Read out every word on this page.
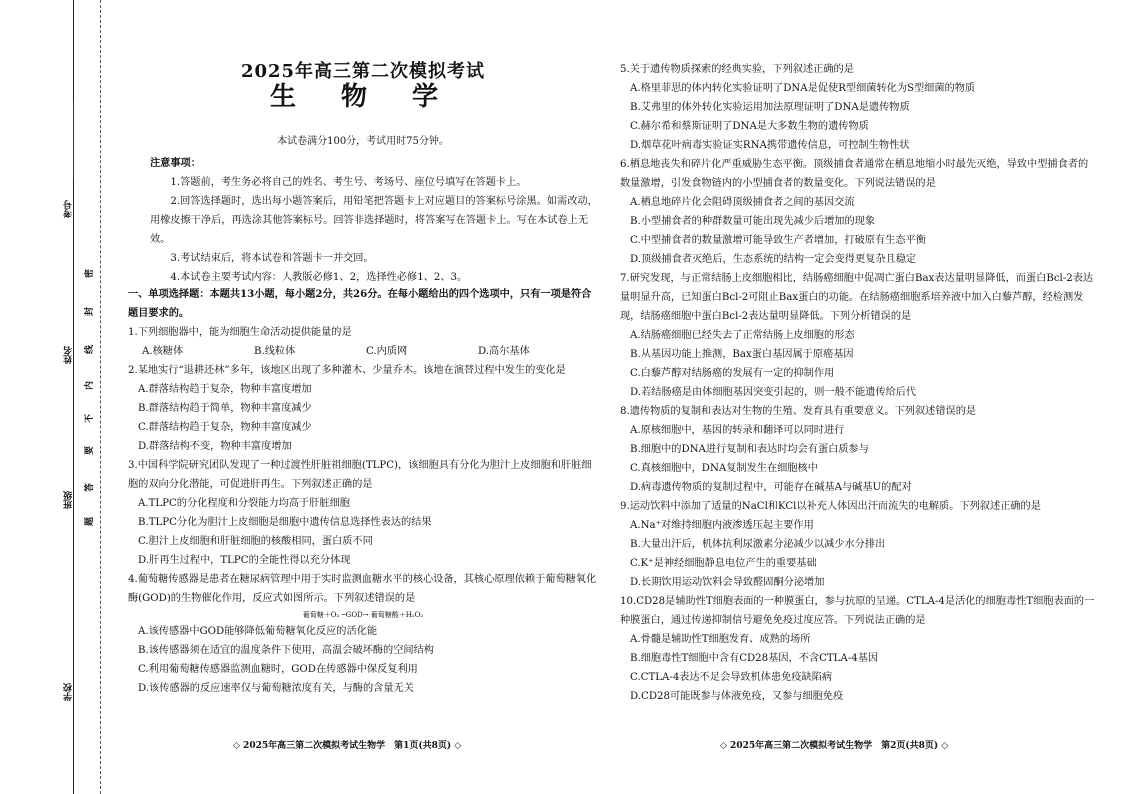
考号
姓名
班级
学校
密
封
线
内
不
要
答
题
2025年高三第二次模拟考试
生 物 学
本试卷满分100分，考试用时75分钟。

注意事项：

1.答题前，考生务必将自己的姓名、考生号、考场号、座位号填写在答题卡上。

2.回答选择题时，选出每小题答案后，用铅笔把答题卡上对应题目的答案标号涂黑。如需改动，用橡皮擦干净后，再选涂其他答案标号。回答非选择题时，将答案写在答题卡上。写在本试卷上无效。

3.考试结束后，将本试卷和答题卡一并交回。

4.本试卷主要考试内容：人教版必修1、2，选择性必修1、2、3。

一、单项选择题：本题共13小题，每小题2分，共26分。在每小题给出的四个选项中，只有一项是符合题目要求的。

1.下列细胞器中，能为细胞生命活动提供能量的是

A.核糖体	B.线粒体	C.内质网	D.高尔基体

2.某地实行“退耕还林”多年，该地区出现了多种灌木、少量乔木。该地在演替过程中发生的变化是

A.群落结构趋于复杂，物种丰富度增加

B.群落结构趋于简单，物种丰富度减少

C.群落结构趋于复杂，物种丰富度减少

D.群落结构不变，物种丰富度增加

3.中国科学院研究团队发现了一种过渡性肝脏祖细胞(TLPC)，该细胞具有分化为胆汁上皮细胞和肝脏细胞的双向分化潜能，可促进肝再生。下列叙述正确的是

A.TLPC的分化程度和分裂能力均高于肝脏细胞

B.TLPC分化为胆汁上皮细胞是细胞中遗传信息选择性表达的结果

C.胆汁上皮细胞和肝脏细胞的核酸相同，蛋白质不同

D.肝再生过程中，TLPC的全能性得以充分体现

4.葡萄糖传感器是患者在糖尿病管理中用于实时监测血糖水平的核心设备，其核心原理依赖于葡萄糖氧化酶(GOD)的生物催化作用，反应式如图所示。下列叙述错误的是

葡萄糖＋O₂ ─GOD→ 葡萄糖酸＋H₂O₂

A.该传感器中GOD能够降低葡萄糖氧化反应的活化能

B.该传感器须在适宜的温度条件下使用，高温会破坏酶的空间结构

C.利用葡萄糖传感器监测血糖时，GOD在传感器中保反复利用

D.该传感器的反应速率仅与葡萄糖浓度有关，与酶的含量无关

◇ 2025年高三第二次模拟考试生物学　第1页(共8页) ◇

5.关于遗传物质探索的经典实验，下列叙述正确的是

A.格里菲思的体内转化实验证明了DNA是促使R型细菌转化为S型细菌的物质

B.艾弗里的体外转化实验运用加法原理证明了DNA是遗传物质

C.赫尔希和蔡斯证明了DNA是大多数生物的遗传物质

D.烟草花叶病毒实验证实RNA携带遗传信息，可控制生物性状

6.栖息地丧失和碎片化严重威胁生态平衡。顶级捕食者通常在栖息地缩小时最先灭绝，导致中型捕食者的数量激增，引发食物链内的小型捕食者的数量变化。下列说法错误的是

A.栖息地碎片化会阻碍顶级捕食者之间的基因交流

B.小型捕食者的种群数量可能出现先减少后增加的现象

C.中型捕食者的数量激增可能导致生产者增加，打破原有生态平衡

D.顶级捕食者灭绝后，生态系统的结构一定会变得更复杂且稳定

7.研究发现，与正常结肠上皮细胞相比，结肠癌细胞中促凋亡蛋白Bax表达量明显降低，而蛋白Bcl-2表达量明显升高，已知蛋白Bcl-2可阻止Bax蛋白的功能。在结肠癌细胞系培养液中加入白藜芦醇，经检测发现，结肠癌细胞中蛋白Bcl-2表达量明显降低。下列分析错误的是

A.结肠癌细胞已经失去了正常结肠上皮细胞的形态

B.从基因功能上推测，Bax蛋白基因属于原癌基因

C.白藜芦醇对结肠癌的发展有一定的抑制作用

D.若结肠癌是由体细胞基因突变引起的，则一般不能遗传给后代

8.遗传物质的复制和表达对生物的生殖、发育具有重要意义。下列叙述错误的是

A.原核细胞中，基因的转录和翻译可以同时进行

B.细胞中的DNA进行复制和表达时均会有蛋白质参与

C.真核细胞中，DNA复制发生在细胞核中

D.病毒遗传物质的复制过程中，可能存在碱基A与碱基U的配对

9.运动饮料中添加了适量的NaCl和KCl以补充人体因出汗而流失的电解质。下列叙述正确的是

A.Na⁺对维持细胞内液渗透压起主要作用

B.大量出汗后，机体抗利尿激素分泌减少以减少水分排出

C.K⁺是神经细胞静息电位产生的重要基础

D.长期饮用运动饮料会导致醛固酮分泌增加

10.CD28是辅助性T细胞表面的一种膜蛋白，参与抗原的呈递。CTLA-4是活化的细胞毒性T细胞表面的一种膜蛋白，通过传递抑制信号避免免疫过度应答。下列说法正确的是

A.骨髓是辅助性T细胞发育、成熟的场所

B.细胞毒性T细胞中含有CD28基因，不含CTLA-4基因

C.CTLA-4表达不足会导致机体患免疫缺陷病

D.CD28可能既参与体液免疫，又参与细胞免疫

◇ 2025年高三第二次模拟考试生物学　第2页(共8页) ◇
